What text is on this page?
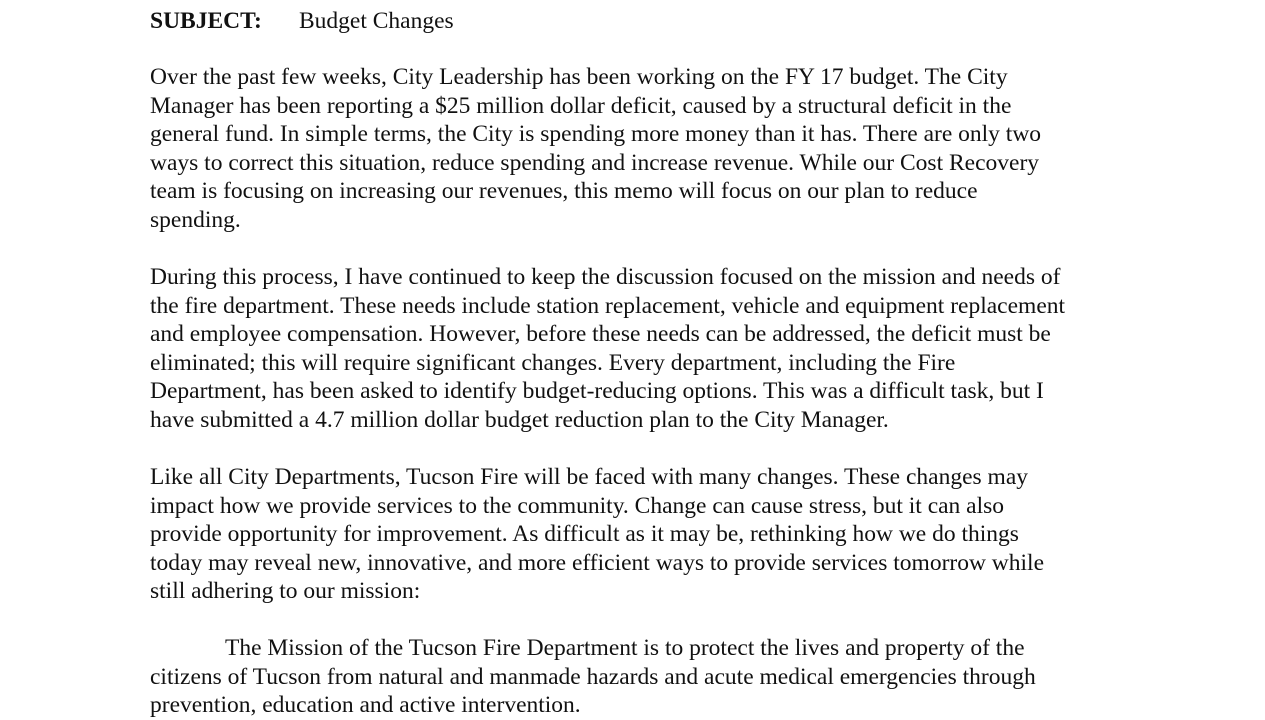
SUBJECT: Budget Changes
Over the past few weeks, City Leadership has been working on the FY 17 budget. The City
Manager has been reporting a $25 million dollar deficit, caused by a structural deficit in the
general fund. In simple terms, the City is spending more money than it has. There are only two
ways to correct this situation, reduce spending and increase revenue. While our Cost Recovery
team is focusing on increasing our revenues, this memo will focus on our plan to reduce
spending.
During this process, I have continued to keep the discussion focused on the mission and needs of
the fire department. These needs include station replacement, vehicle and equipment replacement
and employee compensation. However, before these needs can be addressed, the deficit must be
eliminated; this will require significant changes. Every department, including the Fire
Department, has been asked to identify budget-reducing options. This was a difficult task, but I
have submitted a 4.7 million dollar budget reduction plan to the City Manager.
Like all City Departments, Tucson Fire will be faced with many changes. These changes may
impact how we provide services to the community. Change can cause stress, but it can also
provide opportunity for improvement. As difficult as it may be, rethinking how we do things
today may reveal new, innovative, and more efficient ways to provide services tomorrow while
still adhering to our mission:
The Mission of the Tucson Fire Department is to protect the lives and property of the
citizens of Tucson from natural and manmade hazards and acute medical emergencies through
prevention, education and active intervention.
